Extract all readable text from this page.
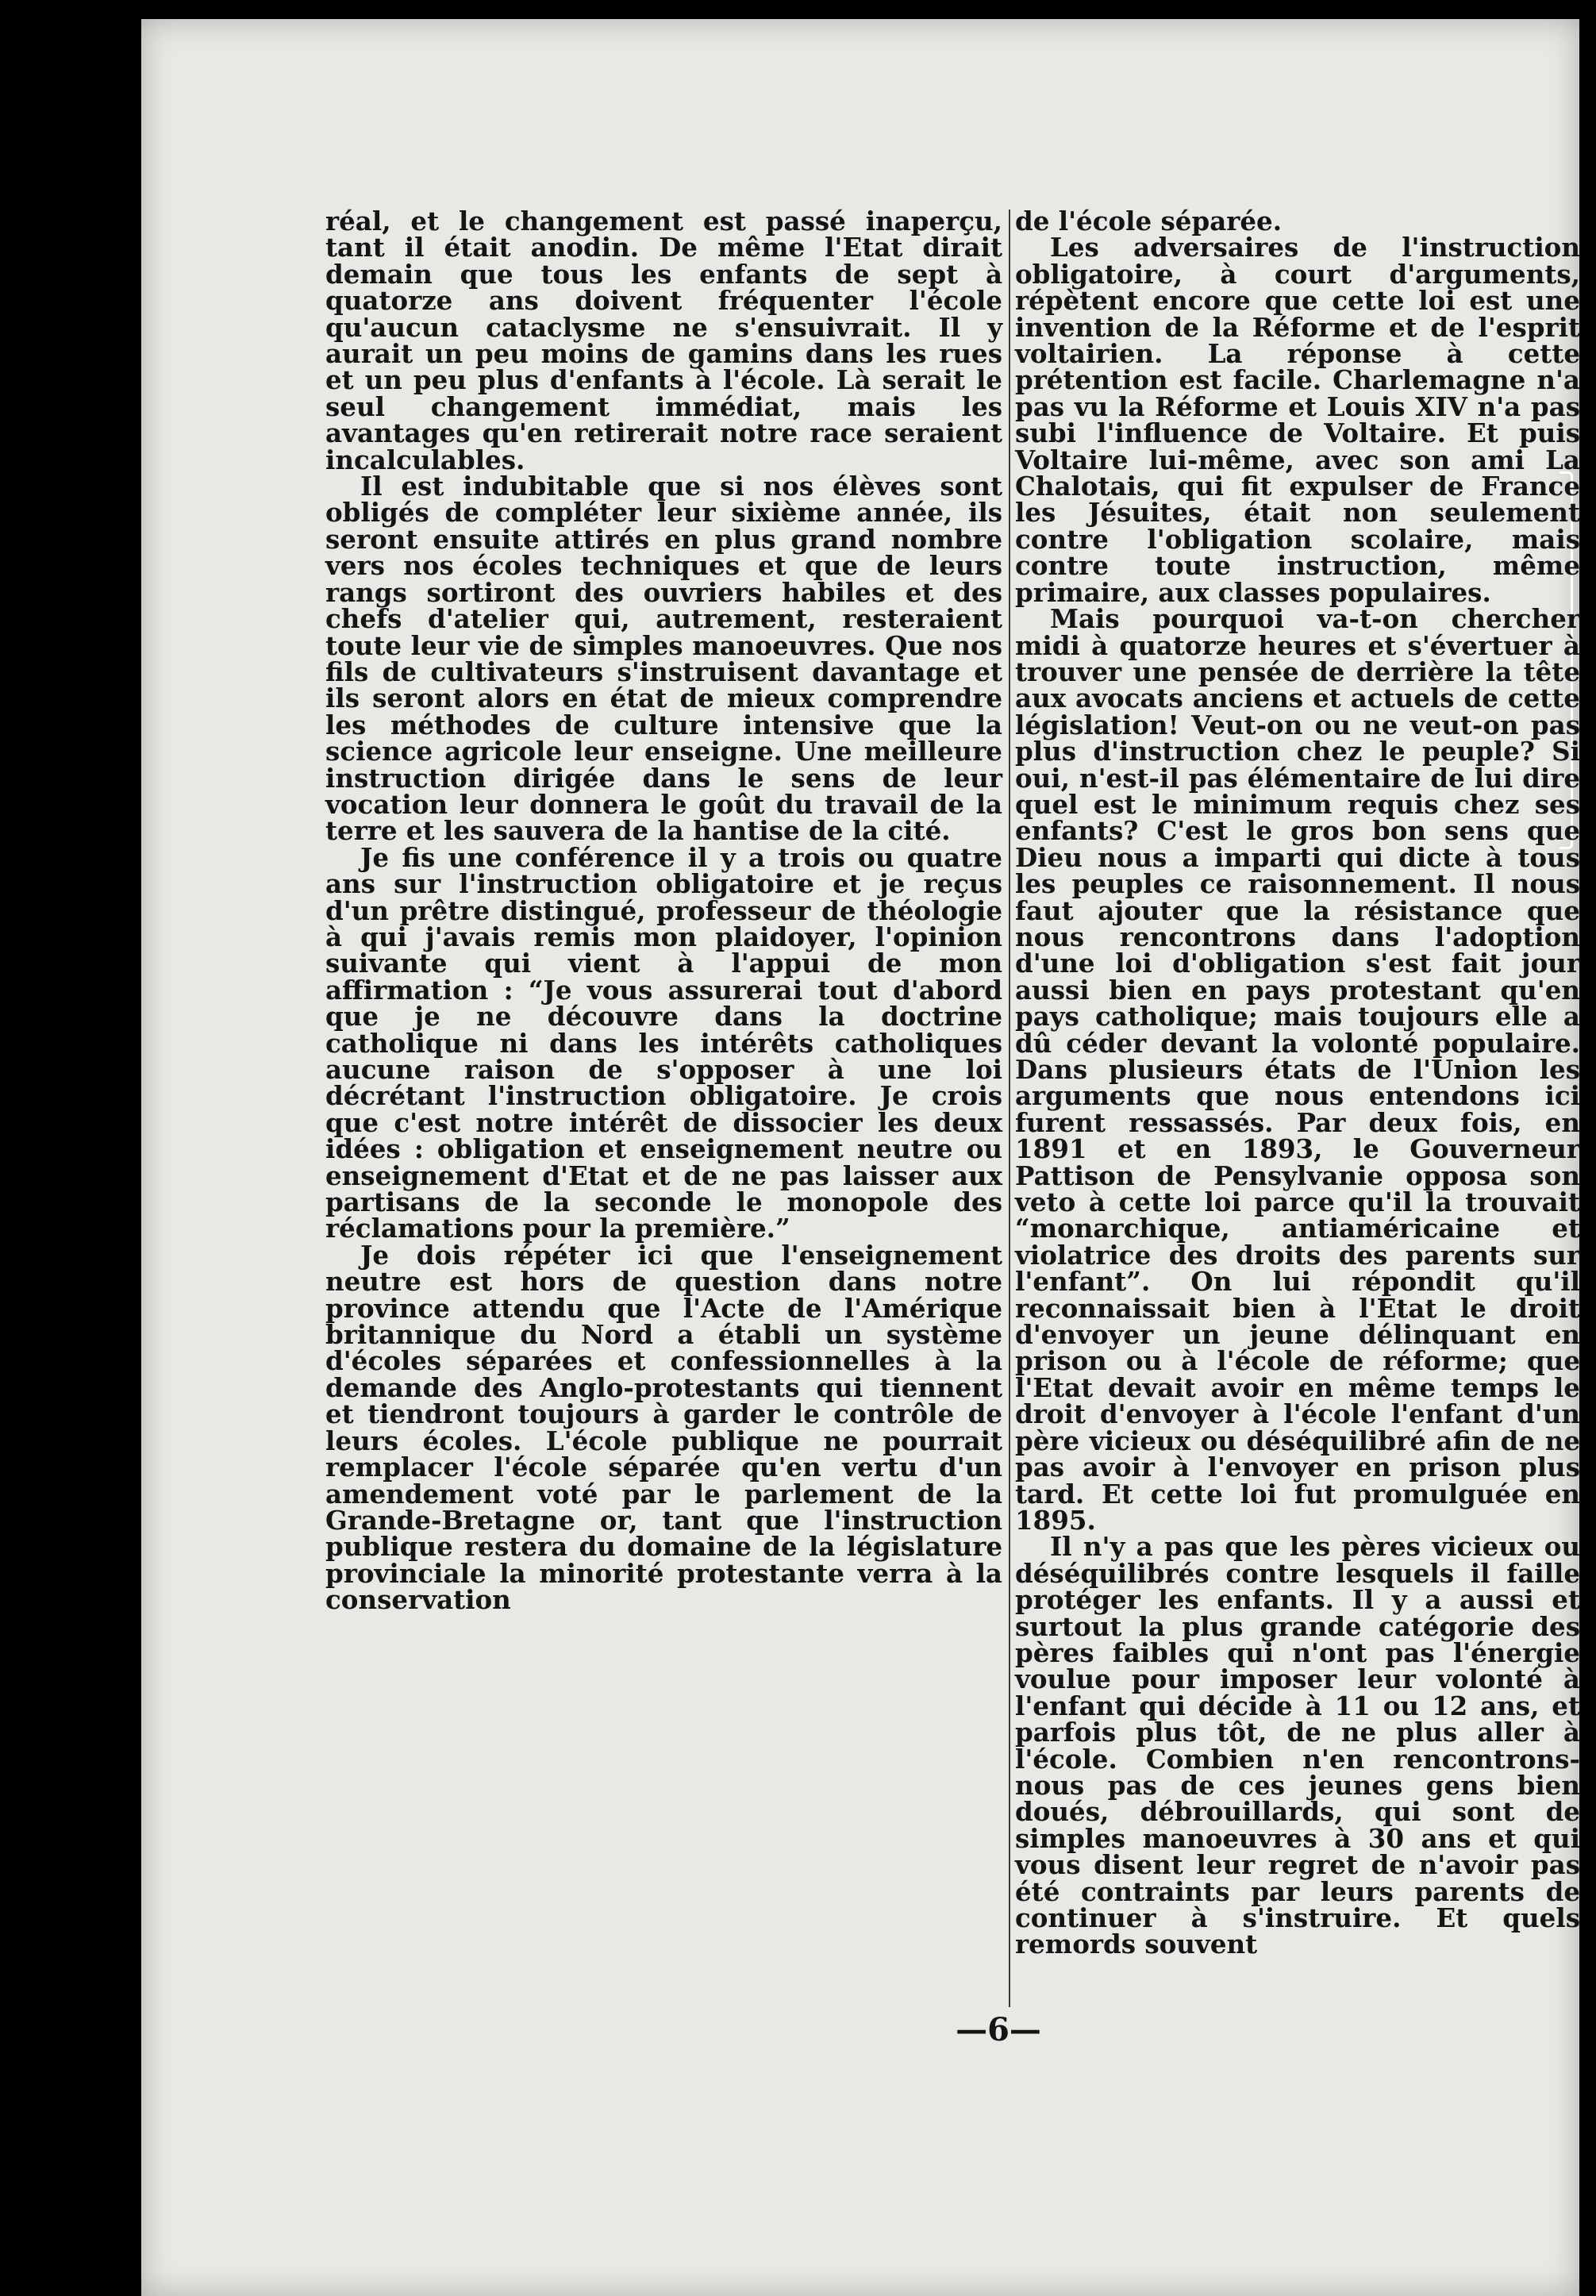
réal, et le changement est passé inaperçu, tant il était anodin. De même l'Etat dirait demain que tous les enfants de sept à quatorze ans doivent fréquenter l'école qu'aucun cataclysme ne s'ensuivrait. Il y aurait un peu moins de gamins dans les rues et un peu plus d'enfants à l'école. Là serait le seul changement immédiat, mais les avantages qu'en retirerait notre race seraient incalculables.

Il est indubitable que si nos élèves sont obligés de compléter leur sixième année, ils seront ensuite attirés en plus grand nombre vers nos écoles techniques et que de leurs rangs sortiront des ouvriers habiles et des chefs d'atelier qui, autrement, resteraient toute leur vie de simples manoeuvres. Que nos fils de cultivateurs s'instruisent davantage et ils seront alors en état de mieux comprendre les méthodes de culture intensive que la science agricole leur enseigne. Une meilleure instruction dirigée dans le sens de leur vocation leur donnera le goût du travail de la terre et les sauvera de la hantise de la cité.

Je fis une conférence il y a trois ou quatre ans sur l'instruction obligatoire et je reçus d'un prêtre distingué, professeur de théologie à qui j'avais remis mon plaidoyer, l'opinion suivante qui vient à l'appui de mon affirmation : “Je vous assurerai tout d'abord que je ne découvre dans la doctrine catholique ni dans les intérêts catholiques aucune raison de s'opposer à une loi décrétant l'instruction obligatoire. Je crois que c'est notre intérêt de dissocier les deux idées : obligation et enseignement neutre ou enseignement d'Etat et de ne pas laisser aux partisans de la seconde le monopole des réclamations pour la première.”

Je dois répéter ici que l'enseignement neutre est hors de question dans notre province attendu que l'Acte de l'Amérique britannique du Nord a établi un système d'écoles séparées et confessionnelles à la demande des Anglo-protestants qui tiennent et tiendront toujours à garder le contrôle de leurs écoles. L'école publique ne pourrait remplacer l'école séparée qu'en vertu d'un amendement voté par le parlement de la Grande-Bretagne or, tant que l'instruction publique restera du domaine de la législature provinciale la minorité protestante verra à la conservation

de l'école séparée.

Les adversaires de l'instruction obligatoire, à court d'arguments, répètent encore que cette loi est une invention de la Réforme et de l'esprit voltairien. La réponse à cette prétention est facile. Charlemagne n'a pas vu la Réforme et Louis XIV n'a pas subi l'influence de Voltaire. Et puis Voltaire lui-même, avec son ami La Chalotais, qui fit expulser de France les Jésuites, était non seulement contre l'obligation scolaire, mais contre toute instruction, même primaire, aux classes populaires.

Mais pourquoi va-t-on chercher midi à quatorze heures et s'évertuer à trouver une pensée de derrière la tête aux avocats anciens et actuels de cette législation! Veut-on ou ne veut-on pas plus d'instruction chez le peuple? Si oui, n'est-il pas élémentaire de lui dire quel est le minimum requis chez ses enfants? C'est le gros bon sens que Dieu nous a imparti qui dicte à tous les peuples ce raisonnement. Il nous faut ajouter que la résistance que nous rencontrons dans l'adoption d'une loi d'obligation s'est fait jour aussi bien en pays protestant qu'en pays catholique; mais toujours elle a dû céder devant la volonté populaire. Dans plusieurs états de l'Union les arguments que nous entendons ici furent ressassés. Par deux fois, en 1891 et en 1893, le Gouverneur Pattison de Pensylvanie opposa son veto à cette loi parce qu'il la trouvait “monarchique, antiaméricaine et violatrice des droits des parents sur l'enfant”. On lui répondit qu'il reconnaissait bien à l'Etat le droit d'envoyer un jeune délinquant en prison ou à l'école de réforme; que l'Etat devait avoir en même temps le droit d'envoyer à l'école l'enfant d'un père vicieux ou déséquilibré afin de ne pas avoir à l'envoyer en prison plus tard. Et cette loi fut promulguée en 1895.

Il n'y a pas que les pères vicieux ou déséquilibrés contre lesquels il faille protéger les enfants. Il y a aussi et surtout la plus grande catégorie des pères faibles qui n'ont pas l'énergie voulue pour imposer leur volonté à l'enfant qui décide à 11 ou 12 ans, et parfois plus tôt, de ne plus aller à l'école. Combien n'en rencontrons-nous pas de ces jeunes gens bien doués, débrouillards, qui sont de simples manoeuvres à 30 ans et qui vous disent leur regret de n'avoir pas été contraints par leurs parents de continuer à s'instruire. Et quels remords souvent

—6—
